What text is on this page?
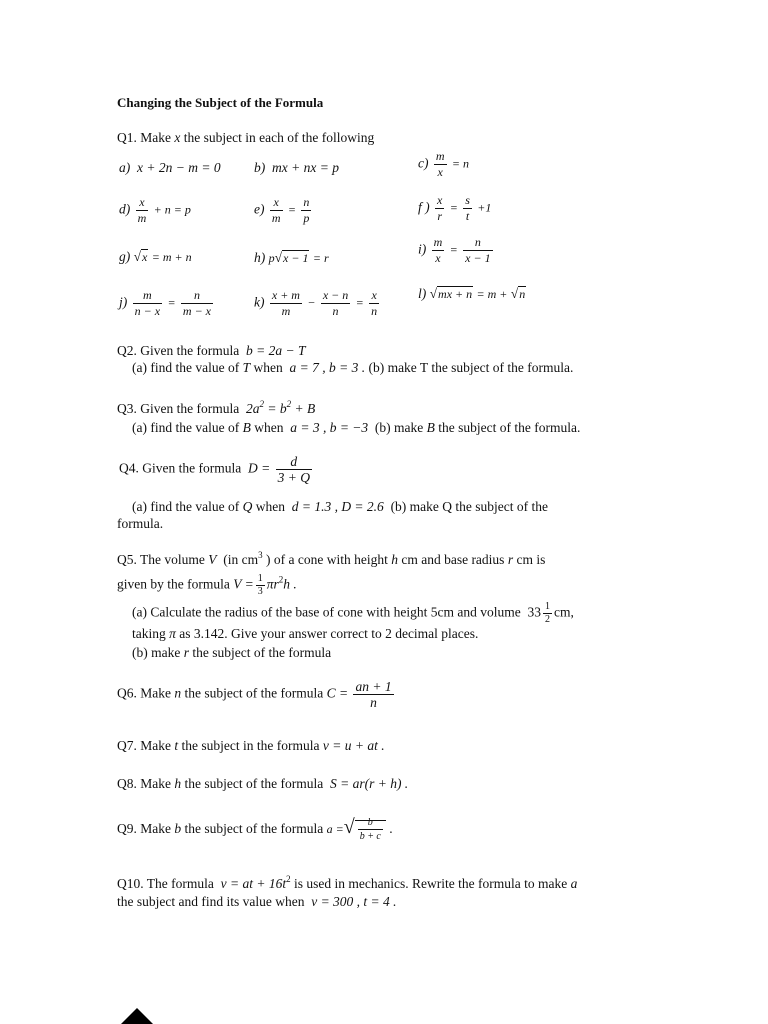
Changing the Subject of the Formula
Q1. Make x the subject in each of the following
a) x + 2n − m = 0 b) mx + nx = p	$c) \frac{m}{x} = n$
$d) \frac{x}{m} + n = p$	$e) \frac{x}{m} = \frac{n}{p}$	f ) $\frac{x}{r} = \frac{s}{t} +1$
g) √x = m + n	h) p√x − 1 = r
$i) \frac{m}{x} = \frac{n}{x - 1}$
$j) \frac{m}{n - x} = \frac{n}{m - x}$	$k) \frac{x + m}{m} - \frac{x - n}{n} = \frac{x}{n}$	l) √mx + n = m + √n
Q2. Given the formula b = 2a − T
(a) find the value of T when a = 7 , b = 3 . (b) make T the subject of the formula.
Q3. Given the formula $2a^2 = b^2 + B$
(a) find the value of B when a = 3 , b = −3 (b) make B the subject of the formula.
Q4. Given the formula $D = \frac{d}{3 + Q}$
(a) find the value of Q when d = 1.3 , D = 2.6 (b) make Q the subject of the
formula.
Q5. The volume V (in $cm^3$ ) of a cone with height h cm and base radius r cm is
given by the formula $V = \frac{1}{3} \pi r^2h$ .
(a) Calculate the radius of the base of cone with height 5cm and volume $33 \frac{1}{2}$ cm,
taking π as 3.142. Give your answer correct to 2 decimal places.
(b) make r the subject of the formula
Q6. Make n the subject of the formula $C = \frac{an + 1}{n}$
Q7. Make t the subject in the formula v = u + at .
Q8. Make h the subject of the formula S = ar(r + h) .
Q9. Make b the subject of the formula a =√ $\frac{b}{b + c}$ .
Q10. The formula v = at + $16t^2$ is used in mechanics. Rewrite the formula to make a
the subject and find its value when v = 300 , t = 4 .
